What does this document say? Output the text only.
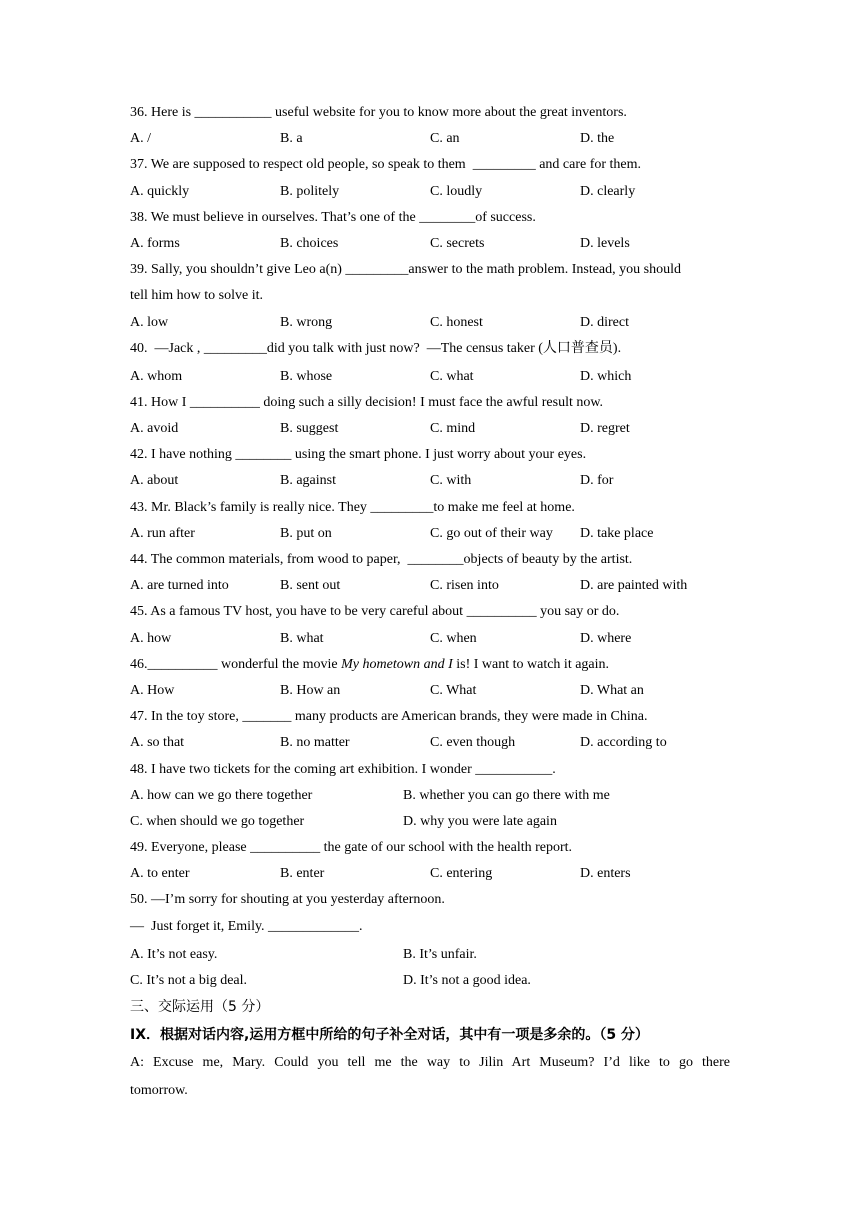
36. Here is ___________ useful website for you to know more about the great inventors.
A. /	B. a	C. an	D. the
37. We are supposed to respect old people, so speak to them  _________ and care for them.
A. quickly	B. politely	C. loudly	D. clearly
38. We must believe in ourselves. That’s one of the ________of success.
A. forms	B. choices	C. secrets	D. levels
39. Sally, you shouldn’t give Leo a(n) _________answer to the math problem. Instead, you should
tell him how to solve it.
A. low	B. wrong	C. honest	D. direct
40.  —Jack , _________did you talk with just now?  —The census taker (人口普查员).
A. whom	B. whose	C. what	D. which
41. How I __________ doing such a silly decision! I must face the awful result now.
A. avoid	B. suggest	C. mind	D. regret
42. I have nothing ________ using the smart phone. I just worry about your eyes.
A. about	B. against	C. with	D. for
43. Mr. Black’s family is really nice. They _________to make me feel at home.
A. run after	B. put on	C. go out of their way	D. take place
44. The common materials, from wood to paper,  ________objects of beauty by the artist.
A. are turned into	B. sent out	C. risen into	D. are painted with
45. As a famous TV host, you have to be very careful about __________ you say or do.
A. how	B. what	C. when	D. where
46.__________ wonderful the movie My hometown and I is! I want to watch it again.
A. How	B. How an	C. What	D. What an
47. In the toy store, _______ many products are American brands, they were made in China.
A. so that	B. no matter	C. even though	D. according to
48. I have two tickets for the coming art exhibition. I wonder ___________.
A. how can we go there together	B. whether you can go there with me
C. when should we go together	D. why you were late again
49. Everyone, please __________ the gate of our school with the health report.
A. to enter	B. enter	C. entering	D. enters
50. —I’m sorry for shouting at you yesterday afternoon.
—  Just forget it, Emily. _____________.
A. It’s not easy.	B. It’s unfair.
C. It’s not a big deal.	D. It’s not a good idea.
三、交际运用（5 分）
IX．根据对话内容,运用方框中所给的句子补全对话，其中有一项是多余的。（5 分）
A: Excuse me, Mary. Could you tell me the way to Jilin Art Museum? I’d like to go there
tomorrow.
